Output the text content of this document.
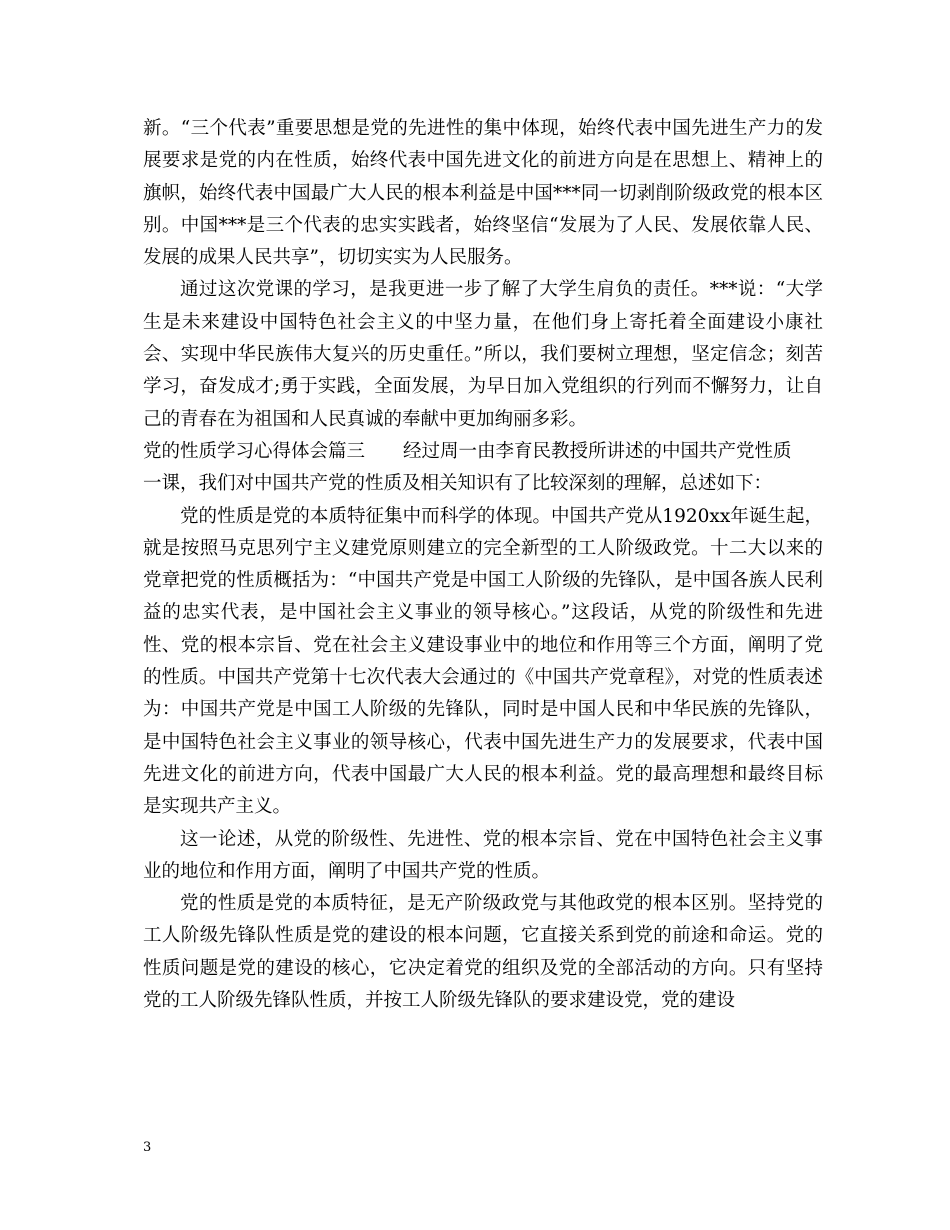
新。“三个代表”重要思想是党的先进性的集中体现，始终代表中国先进生产力的发展要求是党的内在性质，始终代表中国先进文化的前进方向是在思想上、精神上的旗帜，始终代表中国最广大人民的根本利益是中国***同一切剥削阶级政党的根本区别。中国***是三个代表的忠实实践者，始终坚信“发展为了人民、发展依靠人民、发展的成果人民共享”，切切实实为人民服务。

通过这次党课的学习，是我更进一步了解了大学生肩负的责任。***说：“大学生是未来建设中国特色社会主义的中坚力量，在他们身上寄托着全面建设小康社会、实现中华民族伟大复兴的历史重任。”所以，我们要树立理想，坚定信念；刻苦学习，奋发成才;勇于实践，全面发展，为早日加入党组织的行列而不懈努力，让自己的青春在为祖国和人民真诚的奉献中更加绚丽多彩。

党的性质学习心得体会篇三 经过周一由李育民教授所讲述的中国共产党性质

一课，我们对中国共产党的性质及相关知识有了比较深刻的理解，总述如下：

党的性质是党的本质特征集中而科学的体现。中国共产党从1920xx年诞生起，就是按照马克思列宁主义建党原则建立的完全新型的工人阶级政党。十二大以来的党章把党的性质概括为：“中国共产党是中国工人阶级的先锋队，是中国各族人民利益的忠实代表，是中国社会主义事业的领导核心。”这段话，从党的阶级性和先进性、党的根本宗旨、党在社会主义建设事业中的地位和作用等三个方面，阐明了党的性质。中国共产党第十七次代表大会通过的《中国共产党章程》，对党的性质表述为：中国共产党是中国工人阶级的先锋队，同时是中国人民和中华民族的先锋队，是中国特色社会主义事业的领导核心，代表中国先进生产力的发展要求，代表中国先进文化的前进方向，代表中国最广大人民的根本利益。党的最高理想和最终目标是实现共产主义。

这一论述，从党的阶级性、先进性、党的根本宗旨、党在中国特色社会主义事业的地位和作用方面，阐明了中国共产党的性质。

党的性质是党的本质特征，是无产阶级政党与其他政党的根本区别。坚持党的工人阶级先锋队性质是党的建设的根本问题，它直接关系到党的前途和命运。党的性质问题是党的建设的核心，它决定着党的组织及党的全部活动的方向。只有坚持党的工人阶级先锋队性质，并按工人阶级先锋队的要求建设党，党的建设

3
